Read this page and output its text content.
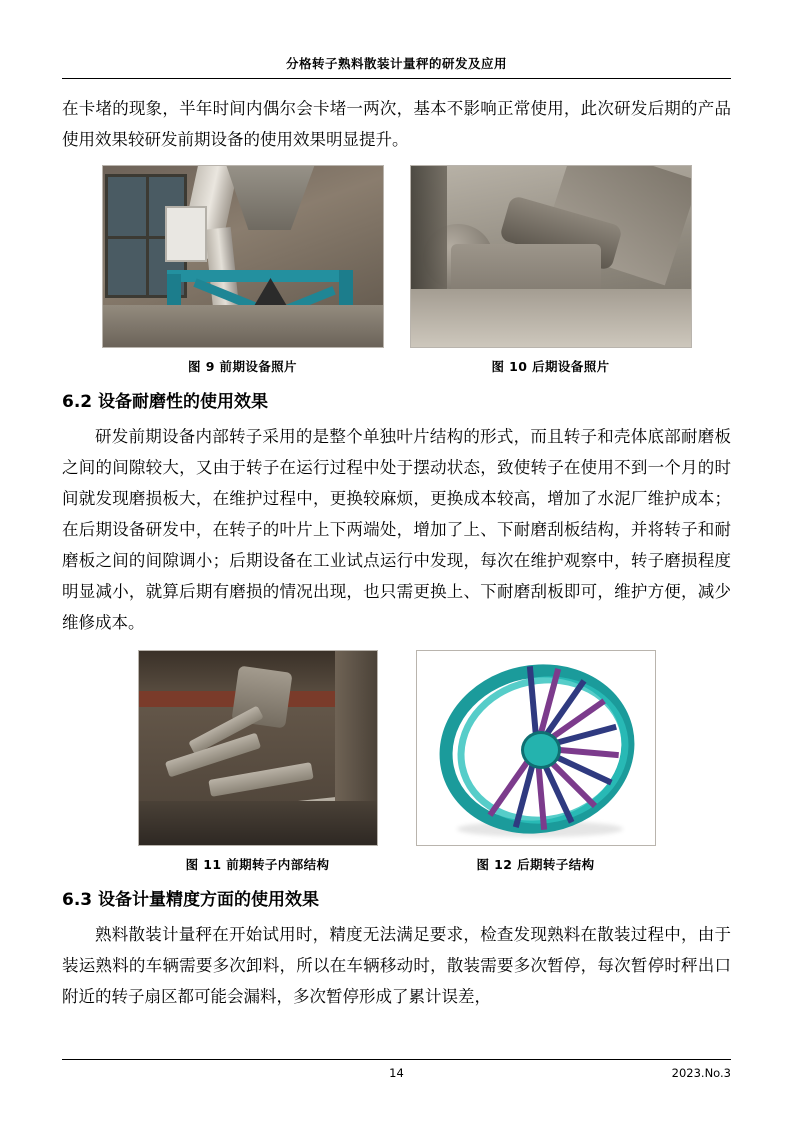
分格转子熟料散装计量秤的研发及应用

在卡堵的现象，半年时间内偶尔会卡堵一两次，基本不影响正常使用，此次研发后期的产品使用效果较研发前期设备的使用效果明显提升。

图 9 前期设备照片	图 10 后期设备照片
6.2 设备耐磨性的使用效果

研发前期设备内部转子采用的是整个单独叶片结构的形式，而且转子和壳体底部耐磨板之间的间隙较大，又由于转子在运行过程中处于摆动状态，致使转子在使用不到一个月的时间就发现磨损板大，在维护过程中，更换较麻烦，更换成本较高，增加了水泥厂维护成本；在后期设备研发中，在转子的叶片上下两端处，增加了上、下耐磨刮板结构，并将转子和耐磨板之间的间隙调小；后期设备在工业试点运行中发现，每次在维护观察中，转子磨损程度明显减小，就算后期有磨损的情况出现，也只需更换上、下耐磨刮板即可，维护方便，减少维修成本。

图 11 前期转子内部结构	图 12 后期转子结构
6.3 设备计量精度方面的使用效果

熟料散装计量秤在开始试用时，精度无法满足要求，检查发现熟料在散装过程中，由于装运熟料的车辆需要多次卸料，所以在车辆移动时，散装需要多次暂停，每次暂停时秤出口附近的转子扇区都可能会漏料，多次暂停形成了累计误差，

14	2023.No.3
